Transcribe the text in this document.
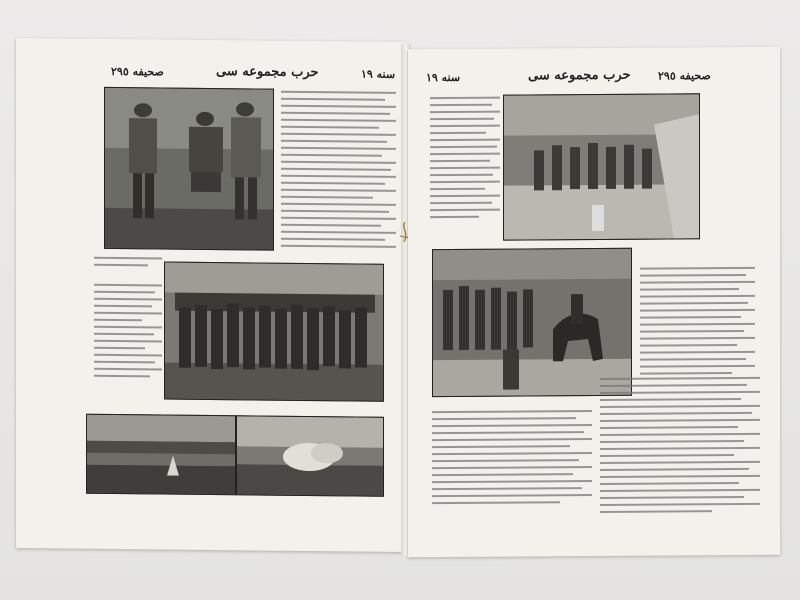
صحيفه ٢٩٥	حرب مجموعه سى	سنه ١٩	سنه ١٩	حرب مجموعه سى صحيفه ٢٩٥
